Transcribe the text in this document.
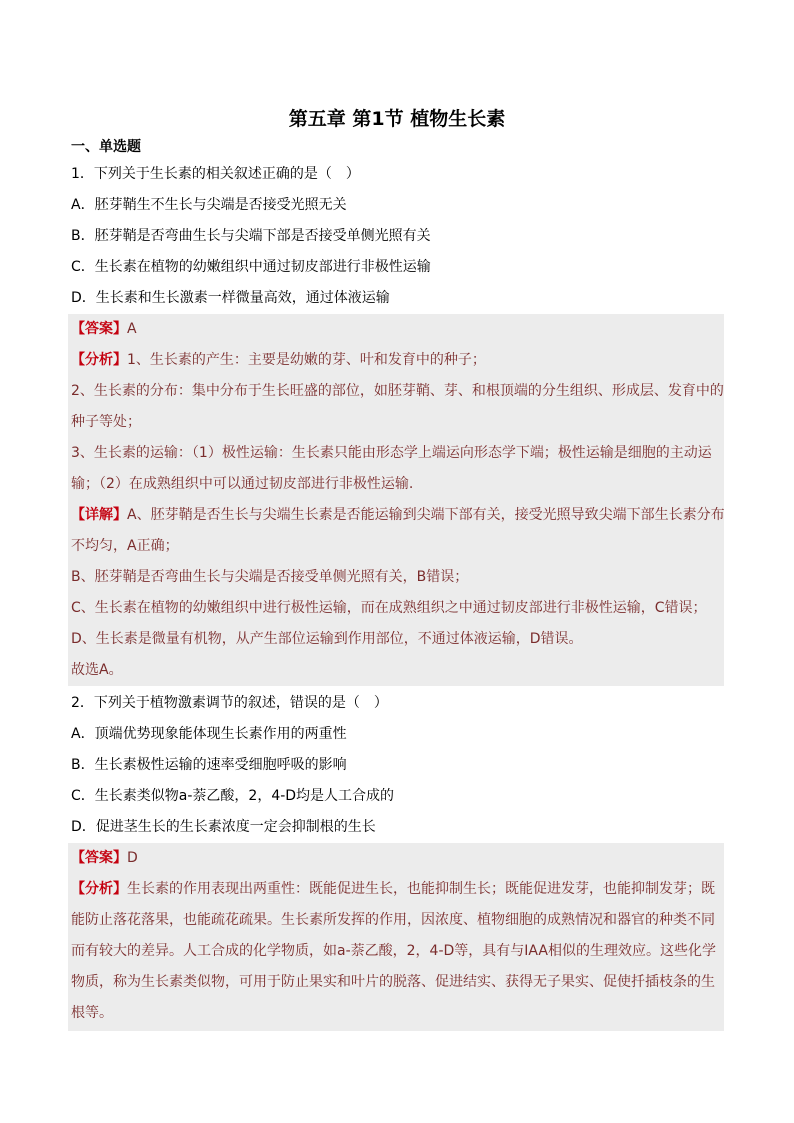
第五章 第1节 植物生长素
一、单选题
1．下列关于生长素的相关叙述正确的是（　）
A．胚芽鞘生不生长与尖端是否接受光照无关
B．胚芽鞘是否弯曲生长与尖端下部是否接受单侧光照有关
C．生长素在植物的幼嫩组织中通过韧皮部进行非极性运输
D．生长素和生长激素一样微量高效，通过体液运输
【答案】A
【分析】1、生长素的产生：主要是幼嫩的芽、叶和发育中的种子；
2、生长素的分布：集中分布于生长旺盛的部位，如胚芽鞘、芽、和根顶端的分生组织、形成层、发育中的
种子等处；
3、生长素的运输：（1）极性运输：生长素只能由形态学上端运向形态学下端；极性运输是细胞的主动运
输；（2）在成熟组织中可以通过韧皮部进行非极性运输.
【详解】A、胚芽鞘是否生长与尖端生长素是否能运输到尖端下部有关，接受光照导致尖端下部生长素分布
不均匀，A正确；
B、胚芽鞘是否弯曲生长与尖端是否接受单侧光照有关，B错误；
C、生长素在植物的幼嫩组织中进行极性运输，而在成熟组织之中通过韧皮部进行非极性运输，C错误；
D、生长素是微量有机物，从产生部位运输到作用部位，不通过体液运输，D错误。
故选A。
2．下列关于植物激素调节的叙述，错误的是（　）
A．顶端优势现象能体现生长素作用的两重性
B．生长素极性运输的速率受细胞呼吸的影响
C．生长素类似物a-萘乙酸，2，4-D均是人工合成的
D．促进茎生长的生长素浓度一定会抑制根的生长
【答案】D
【分析】生长素的作用表现出两重性：既能促进生长，也能抑制生长；既能促进发芽，也能抑制发芽；既
能防止落花落果，也能疏花疏果。生长素所发挥的作用，因浓度、植物细胞的成熟情况和器官的种类不同
而有较大的差异。人工合成的化学物质，如a-萘乙酸，2，4-D等，具有与IAA相似的生理效应。这些化学
物质，称为生长素类似物，可用于防止果实和叶片的脱落、促进结实、获得无子果实、促使扦插枝条的生
根等。
